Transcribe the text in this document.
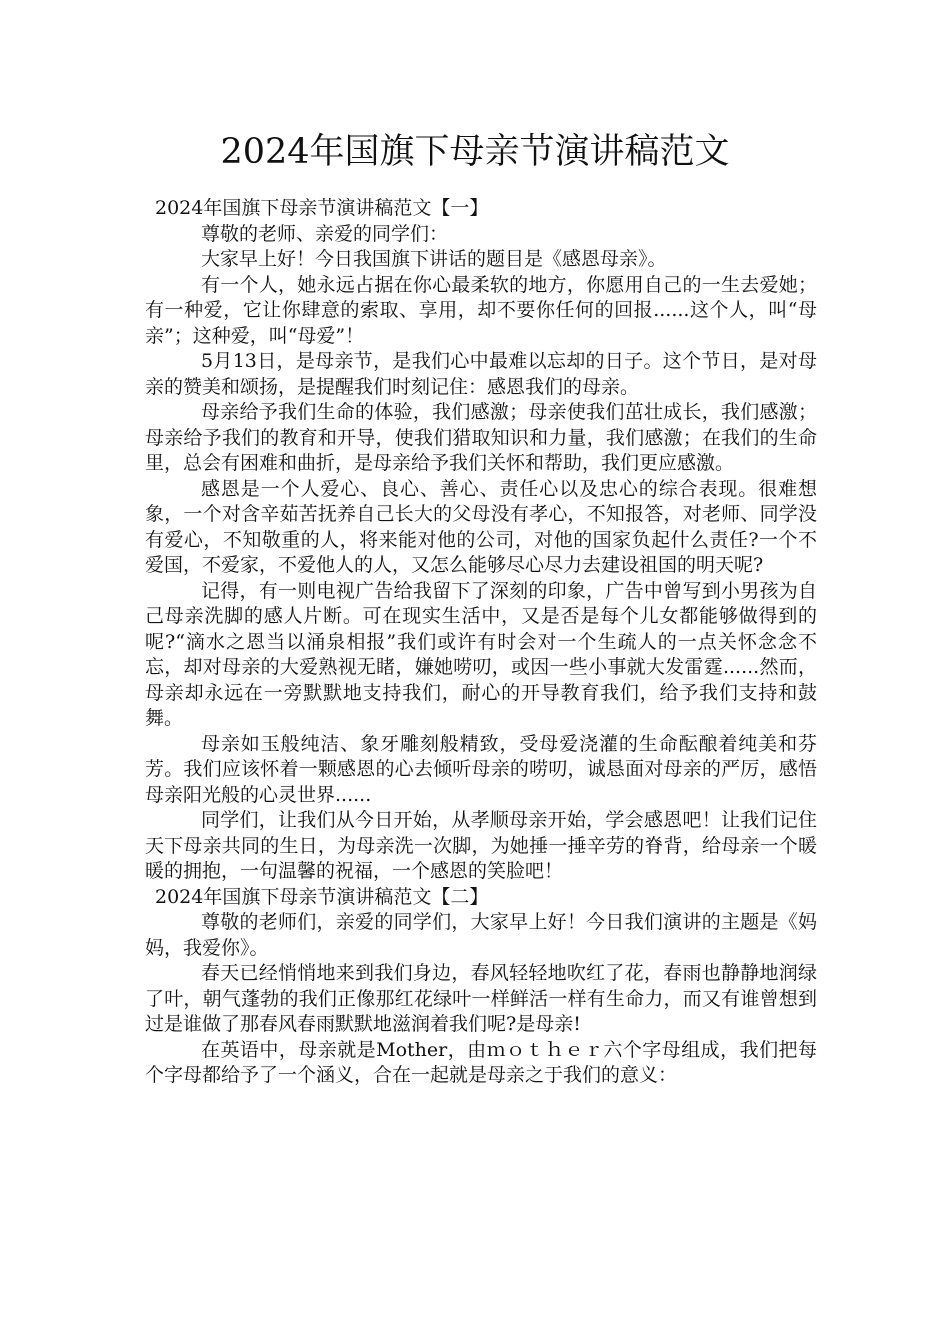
2024年国旗下母亲节演讲稿范文
2024年国旗下母亲节演讲稿范文【一】

尊敬的老师、亲爱的同学们：

大家早上好！今日我国旗下讲话的题目是《感恩母亲》。

有一个人，她永远占据在你心最柔软的地方，你愿用自己的一生去爱她；有一种爱，它让你肆意的索取、享用，却不要你任何的回报......这个人，叫“母亲”；这种爱，叫“母爱”！

5月13日，是母亲节，是我们心中最难以忘却的日子。这个节日，是对母亲的赞美和颂扬，是提醒我们时刻记住：感恩我们的母亲。

母亲给予我们生命的体验，我们感激；母亲使我们茁壮成长，我们感激；母亲给予我们的教育和开导，使我们猎取知识和力量，我们感激；在我们的生命里，总会有困难和曲折，是母亲给予我们关怀和帮助，我们更应感激。

感恩是一个人爱心、良心、善心、责任心以及忠心的综合表现。很难想象，一个对含辛茹苦抚养自己长大的父母没有孝心，不知报答，对老师、同学没有爱心，不知敬重的人，将来能对他的公司，对他的国家负起什么责任?一个不爱国，不爱家，不爱他人的人，又怎么能够尽心尽力去建设祖国的明天呢?

记得，有一则电视广告给我留下了深刻的印象，广告中曾写到小男孩为自己母亲洗脚的感人片断。可在现实生活中，又是否是每个儿女都能够做得到的呢?“滴水之恩当以涌泉相报”我们或许有时会对一个生疏人的一点关怀念念不忘，却对母亲的大爱熟视无睹，嫌她唠叨，或因一些小事就大发雷霆......然而，母亲却永远在一旁默默地支持我们，耐心的开导教育我们，给予我们支持和鼓舞。

母亲如玉般纯洁、象牙雕刻般精致，受母爱浇灌的生命酝酿着纯美和芬芳。我们应该怀着一颗感恩的心去倾听母亲的唠叨，诚恳面对母亲的严厉，感悟母亲阳光般的心灵世界......

同学们，让我们从今日开始，从孝顺母亲开始，学会感恩吧！让我们记住天下母亲共同的生日，为母亲洗一次脚，为她捶一捶辛劳的脊背，给母亲一个暖暖的拥抱，一句温馨的祝福，一个感恩的笑脸吧！

2024年国旗下母亲节演讲稿范文【二】

尊敬的老师们，亲爱的同学们，大家早上好！今日我们演讲的主题是《妈妈，我爱你》。

春天已经悄悄地来到我们身边，春风轻轻地吹红了花，春雨也静静地润绿了叶，朝气蓬勃的我们正像那红花绿叶一样鲜活一样有生命力，而又有谁曾想到过是谁做了那春风春雨默默地滋润着我们呢?是母亲!

在英语中，母亲就是Mother，由ｍｏｔｈｅｒ六个字母组成，我们把每个字母都给予了一个涵义，合在一起就是母亲之于我们的意义：
